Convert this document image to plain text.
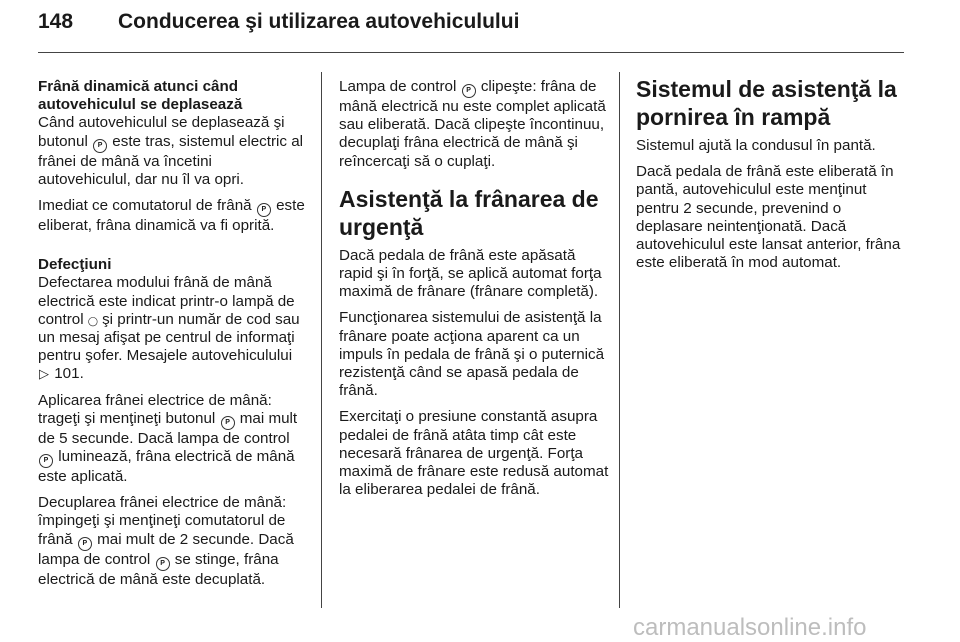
148 Conducerea şi utilizarea autovehiculului

Frână dinamică atunci când autovehiculul se deplasează

Când autovehiculul se deplasează şi butonul P este tras, sistemul electric al frânei de mână va încetini autovehiculul, dar nu îl va opri.

Imediat ce comutatorul de frână P este eliberat, frâna dinamică va fi oprită.

Defecţiuni

Defectarea modului frână de mână electrică este indicat printr-o lampă de control ◯ şi printr-un număr de cod sau un mesaj afişat pe centrul de informaţi pentru şofer. Mesajele autovehiculului ▷ 101.

Aplicarea frânei electrice de mână: trageţi şi menţineţi butonul P mai mult de 5 secunde. Dacă lampa de control P luminează, frâna electrică de mână este aplicată.

Decuplarea frânei electrice de mână: împingeţi şi menţineţi comutatorul de frână P mai mult de 2 secunde. Dacă lampa de control P se stinge, frâna electrică de mână este decuplată.

Lampa de control P clipeşte: frâna de mână electrică nu este complet aplicată sau eliberată. Dacă clipeşte încontinuu, decuplaţi frâna electrică de mână şi reîncercaţi să o cuplaţi.

Asistenţă la frânarea de urgenţă

Dacă pedala de frână este apăsată rapid şi în forţă, se aplică automat forţa maximă de frânare (frânare completă).

Funcţionarea sistemului de asistenţă la frânare poate acţiona aparent ca un impuls în pedala de frână şi o puternică rezistenţă când se apasă pedala de frână.

Exercitaţi o presiune constantă asupra pedalei de frână atâta timp cât este necesară frânarea de urgenţă. Forţa maximă de frânare este redusă automat la eliberarea pedalei de frână.

Sistemul de asistenţă la pornirea în rampă

Sistemul ajută la condusul în pantă.

Dacă pedala de frână este eliberată în pantă, autovehiculul este menţinut pentru 2 secunde, prevenind o deplasare neintenţionată. Dacă autovehiculul este lansat anterior, frâna este eliberată în mod automat.

carmanualsonline.info
